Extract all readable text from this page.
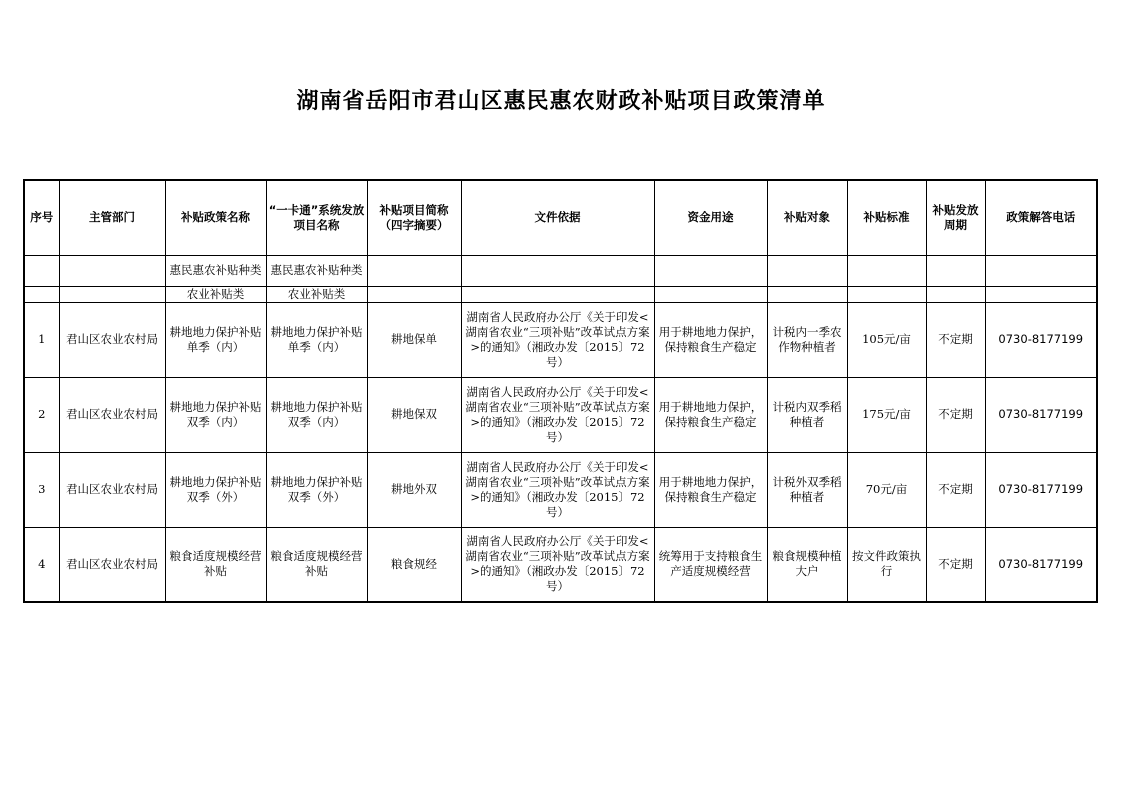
湖南省岳阳市君山区惠民惠农财政补贴项目政策清单
序号	主管部门	补贴政策名称	“一卡通”系统发放项目名称	补贴项目简称（四字摘要）	文件依据	资金用途	补贴对象	补贴标准	补贴发放周期	政策解答电话
		惠民惠农补贴种类	惠民惠农补贴种类							
		农业补贴类	农业补贴类							
1	君山区农业农村局	耕地地力保护补贴单季（内）	耕地地力保护补贴单季（内）	耕地保单	湖南省人民政府办公厅《关于印发<湖南省农业“三项补贴”改革试点方案>的通知》（湘政办发〔2015〕72号）	用于耕地地力保护，保持粮食生产稳定	计税内一季农作物种植者	105元/亩	不定期	0730-8177199
2	君山区农业农村局	耕地地力保护补贴双季（内）	耕地地力保护补贴双季（内）	耕地保双	湖南省人民政府办公厅《关于印发<湖南省农业“三项补贴”改革试点方案>的通知》（湘政办发〔2015〕72号）	用于耕地地力保护，保持粮食生产稳定	计税内双季稻种植者	175元/亩	不定期	0730-8177199
3	君山区农业农村局	耕地地力保护补贴双季（外）	耕地地力保护补贴双季（外）	耕地外双	湖南省人民政府办公厅《关于印发<湖南省农业“三项补贴”改革试点方案>的通知》（湘政办发〔2015〕72号）	用于耕地地力保护，保持粮食生产稳定	计税外双季稻种植者	70元/亩	不定期	0730-8177199
4	君山区农业农村局	粮食适度规模经营补贴	粮食适度规模经营补贴	粮食规经	湖南省人民政府办公厅《关于印发<湖南省农业“三项补贴”改革试点方案>的通知》（湘政办发〔2015〕72号）	统筹用于支持粮食生产适度规模经营	粮食规模种植大户	按文件政策执行	不定期	0730-8177199
